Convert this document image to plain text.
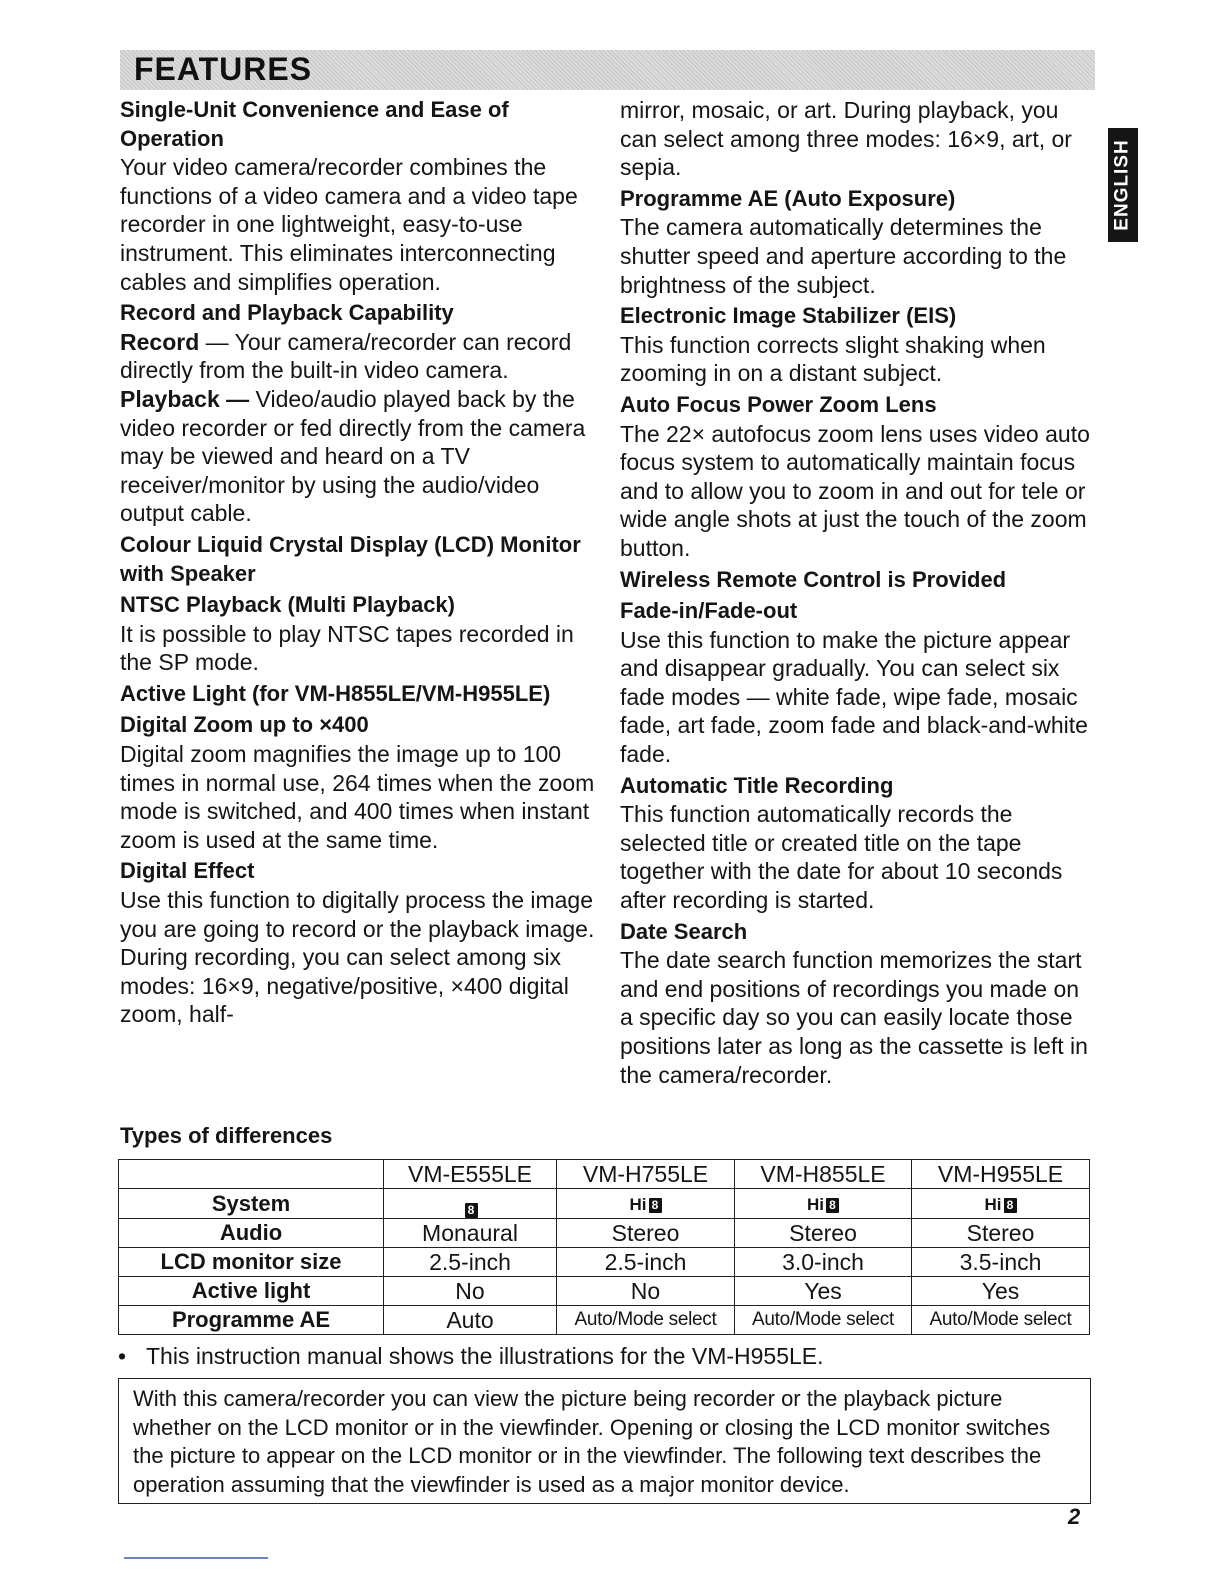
FEATURES
ENGLISH

Single-Unit Convenience and Ease of Operation

Your video camera/recorder combines the functions of a video camera and a video tape recorder in one lightweight, easy-to-use instrument. This eliminates interconnecting cables and simplifies operation.

Record and Playback Capability

Record — Your camera/recorder can record directly from the built-in video camera.

Playback — Video/audio played back by the video recorder or fed directly from the camera may be viewed and heard on a TV receiver/monitor by using the audio/video output cable.

Colour Liquid Crystal Display (LCD) Monitor with Speaker

NTSC Playback (Multi Playback)

It is possible to play NTSC tapes recorded in the SP mode.

Active Light (for VM-H855LE/VM-H955LE)

Digital Zoom up to ×400

Digital zoom magnifies the image up to 100 times in normal use, 264 times when the zoom mode is switched, and 400 times when instant zoom is used at the same time.

Digital Effect

Use this function to digitally process the image you are going to record or the playback image. During recording, you can select among six modes: 16×9, negative/positive, ×400 digital zoom, half-

mirror, mosaic, or art. During playback, you can select among three modes: 16×9, art, or sepia.

Programme AE (Auto Exposure)

The camera automatically determines the shutter speed and aperture according to the brightness of the subject.

Electronic Image Stabilizer (EIS)

This function corrects slight shaking when zooming in on a distant subject.

Auto Focus Power Zoom Lens

The 22× autofocus zoom lens uses video auto focus system to automatically maintain focus and to allow you to zoom in and out for tele or wide angle shots at just the touch of the zoom button.

Wireless Remote Control is Provided

Fade-in/Fade-out

Use this function to make the picture appear and disappear gradually. You can select six fade modes — white fade, wipe fade, mosaic fade, art fade, zoom fade and black-and-white fade.

Automatic Title Recording

This function automatically records the selected title or created title on the tape together with the date for about 10 seconds after recording is started.

Date Search

The date search function memorizes the start and end positions of recordings you made on a specific day so you can easily locate those positions later as long as the cassette is left in the camera/recorder.

Types of differences
	VM-E555LE	VM-H755LE	VM-H855LE	VM-H955LE
System	8	Hi 8	Hi 8	Hi 8

Audio	Monaural	Stereo	Stereo	Stereo
LCD monitor size	2.5-inch	2.5-inch	3.0-inch	3.5-inch
Active light	No	No	Yes	Yes
Programme AE	Auto	Auto/Mode select	Auto/Mode select	Auto/Mode select
• This instruction manual shows the illustrations for the VM-H955LE.
With this camera/recorder you can view the picture being recorder or the playback picture whether on the LCD monitor or in the viewfinder. Opening or closing the LCD monitor switches the picture to appear on the LCD monitor or in the viewfinder. The following text describes the operation assuming that the viewfinder is used as a major monitor device.
2
